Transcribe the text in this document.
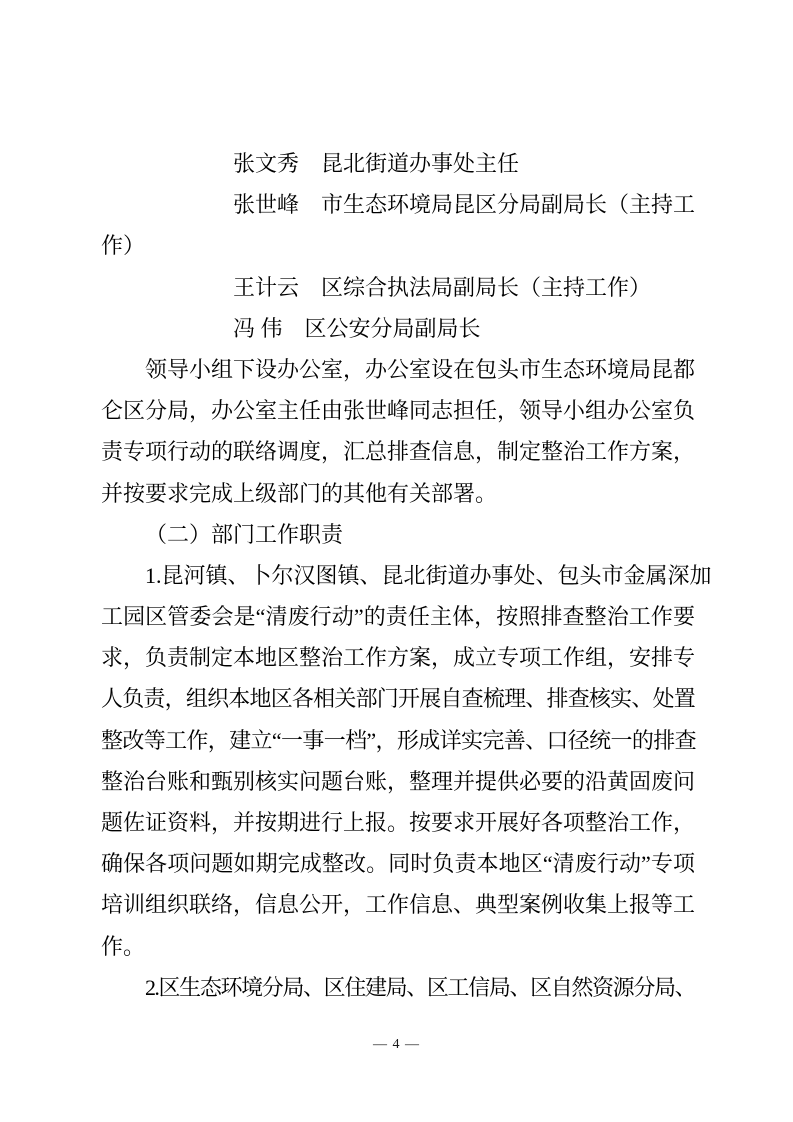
张文秀　昆北街道办事处主任
张世峰　市生态环境局昆区分局副局长（主持工
作）
王计云　区综合执法局副局长（主持工作）
冯 伟　区公安分局副局长
领导小组下设办公室，办公室设在包头市生态环境局昆都
仑区分局，办公室主任由张世峰同志担任，领导小组办公室负
责专项行动的联络调度，汇总排查信息，制定整治工作方案，
并按要求完成上级部门的其他有关部署。
（二）部门工作职责
1.昆河镇、卜尔汉图镇、昆北街道办事处、包头市金属深加
工园区管委会是“清废行动”的责任主体，按照排查整治工作要
求，负责制定本地区整治工作方案，成立专项工作组，安排专
人负责，组织本地区各相关部门开展自查梳理、排查核实、处置
整改等工作，建立“一事一档”，形成详实完善、口径统一的排查
整治台账和甄别核实问题台账，整理并提供必要的沿黄固废问
题佐证资料，并按期进行上报。按要求开展好各项整治工作，
确保各项问题如期完成整改。同时负责本地区“清废行动”专项
培训组织联络，信息公开，工作信息、典型案例收集上报等工
作。
2.区生态环境分局、区住建局、区工信局、区自然资源分局、
— 4 —
